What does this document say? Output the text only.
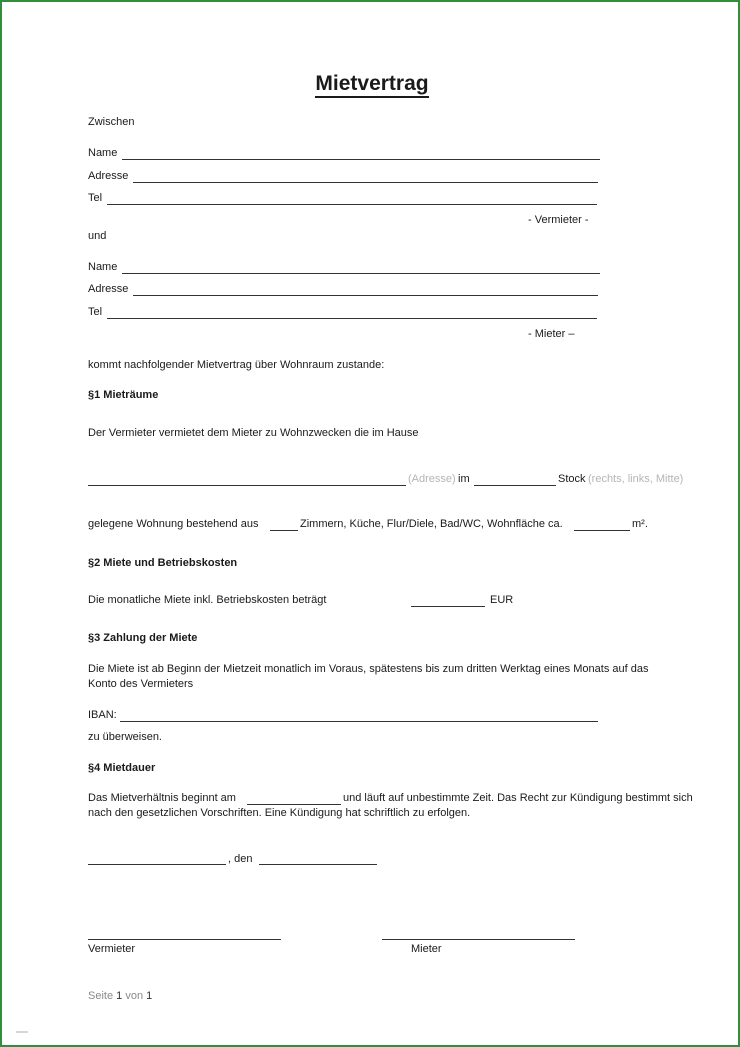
Mietvertrag
Zwischen
Name
Adresse
Tel
- Vermieter -
und
Name
Adresse
Tel
- Mieter –
kommt nachfolgender Mietvertrag über Wohnraum zustande:
§1 Mieträume
Der Vermieter vermietet dem Mieter zu Wohnzwecken die im Hause
(Adresse) im	Stock (rechts, links, Mitte)
gelegene Wohnung bestehend aus	Zimmern, Küche, Flur/Diele, Bad/WC, Wohnfläche ca.	m².
§2 Miete und Betriebskosten
Die monatliche Miete inkl. Betriebskosten beträgt	EUR
§3 Zahlung der Miete
Die Miete ist ab Beginn der Mietzeit monatlich im Voraus, spätestens bis zum dritten Werktag eines Monats auf das
Konto des Vermieters
IBAN:
zu überweisen.
§4 Mietdauer
Das Mietverhältnis beginnt am	und läuft auf unbestimmte Zeit. Das Recht zur Kündigung bestimmt sich
nach den gesetzlichen Vorschriften. Eine Kündigung hat schriftlich zu erfolgen.
, den
Vermieter	Mieter
Seite 1 von 1
